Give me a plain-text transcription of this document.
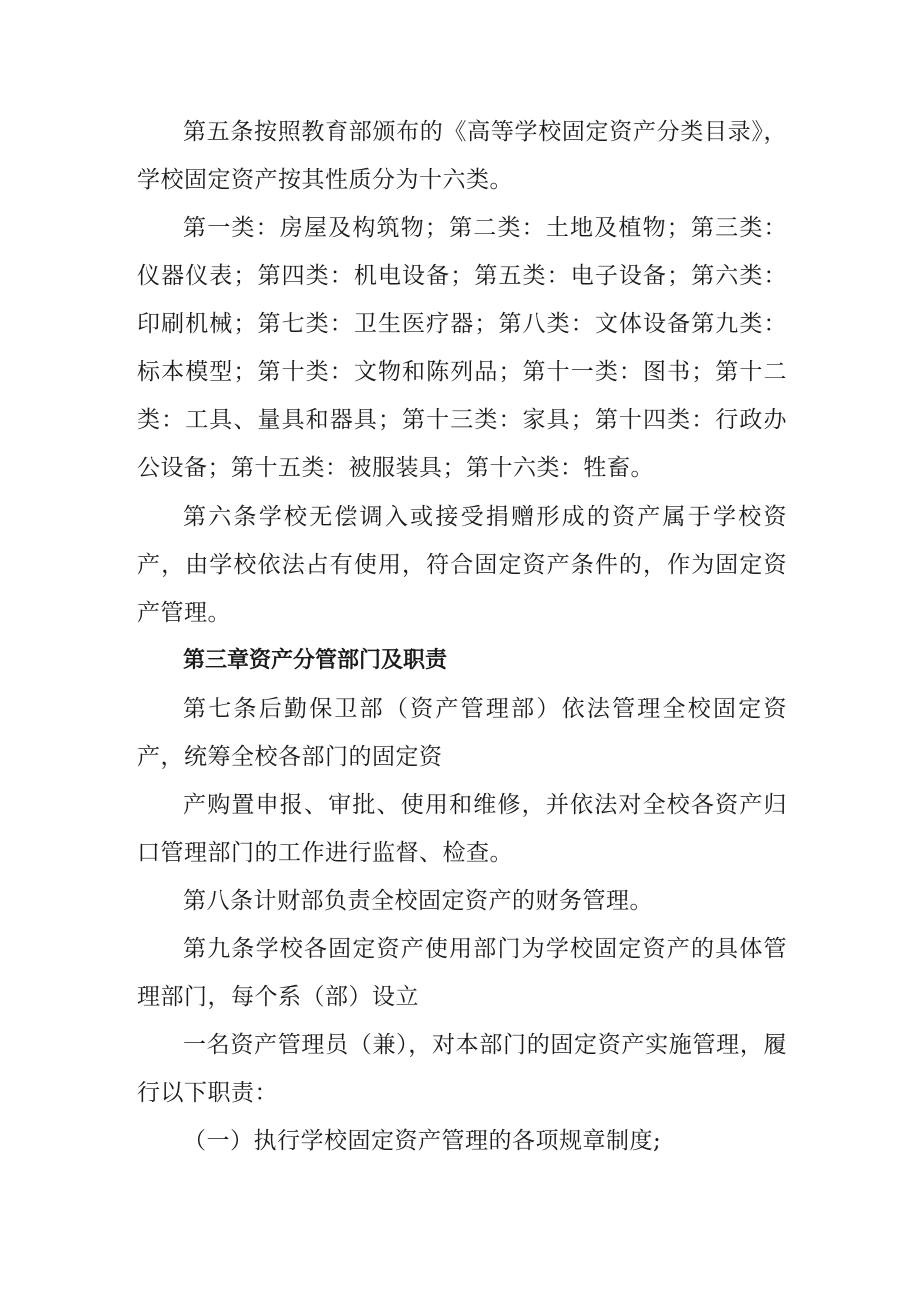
第五条按照教育部颁布的《高等学校固定资产分类目录》，学校固定资产按其性质分为十六类。

第一类：房屋及构筑物；第二类：土地及植物；第三类：仪器仪表；第四类：机电设备；第五类：电子设备；第六类：印刷机械；第七类：卫生医疗器；第八类：文体设备第九类：标本模型；第十类：文物和陈列品；第十一类：图书；第十二类：工具、量具和器具；第十三类：家具；第十四类：行政办公设备；第十五类：被服装具；第十六类：牲畜。

第六条学校无偿调入或接受捐赠形成的资产属于学校资产，由学校依法占有使用，符合固定资产条件的，作为固定资产管理。

第三章资产分管部门及职责

第七条后勤保卫部（资产管理部）依法管理全校固定资产，统筹全校各部门的固定资

产购置申报、审批、使用和维修，并依法对全校各资产归口管理部门的工作进行监督、检查。

第八条计财部负责全校固定资产的财务管理。

第九条学校各固定资产使用部门为学校固定资产的具体管理部门，每个系（部）设立

一名资产管理员（兼），对本部门的固定资产实施管理，履行以下职责：

（一）执行学校固定资产管理的各项规章制度;
